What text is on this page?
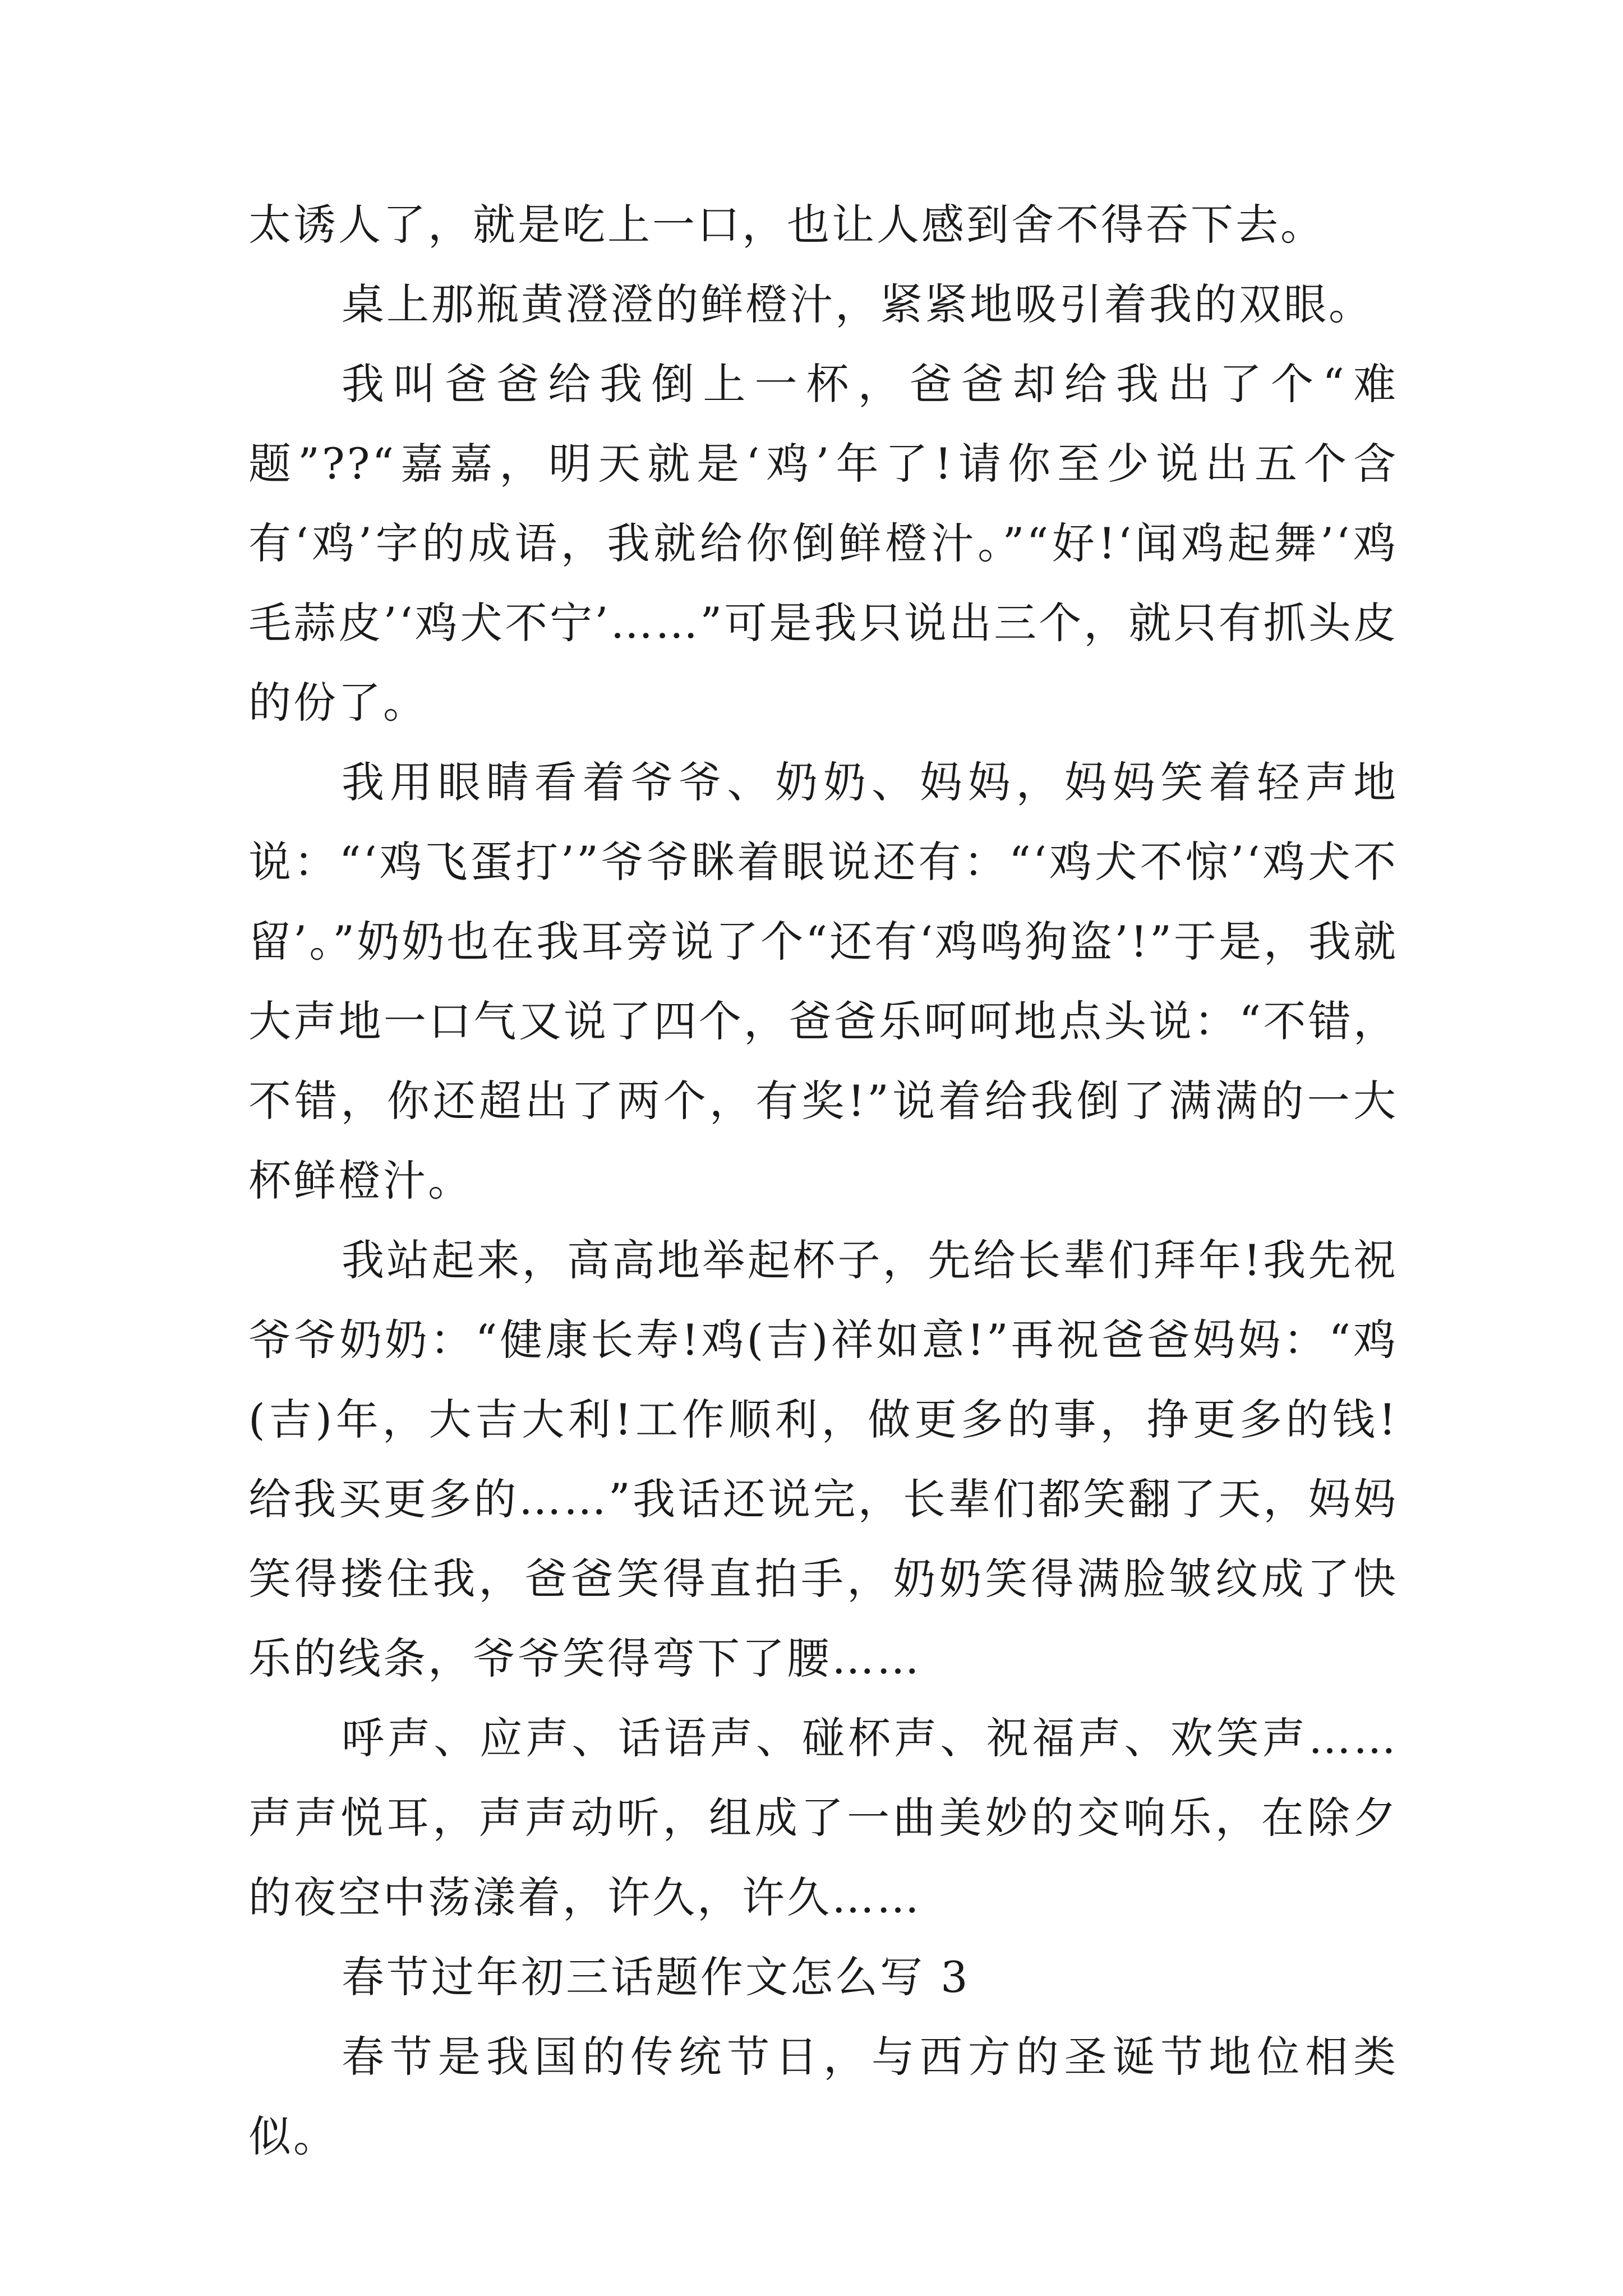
太诱人了，就是吃上一口，也让人感到舍不得吞下去。

桌上那瓶黄澄澄的鲜橙汁，紧紧地吸引着我的双眼。

我叫爸爸给我倒上一杯，爸爸却给我出了个“难题”??“嘉嘉，明天就是‘鸡’年了!请你至少说出五个含有‘鸡’字的成语，我就给你倒鲜橙汁。”“好!‘闻鸡起舞’‘鸡毛蒜皮’‘鸡犬不宁’……”可是我只说出三个，就只有抓头皮的份了。

我用眼睛看着爷爷、奶奶、妈妈，妈妈笑着轻声地说：“‘鸡飞蛋打’”爷爷眯着眼说还有：“‘鸡犬不惊’‘鸡犬不留’。”奶奶也在我耳旁说了个“还有‘鸡鸣狗盗’!”于是，我就大声地一口气又说了四个，爸爸乐呵呵地点头说：“不错，不错，你还超出了两个，有奖!”说着给我倒了满满的一大杯鲜橙汁。

我站起来，高高地举起杯子，先给长辈们拜年!我先祝爷爷奶奶：“健康长寿!鸡(吉)祥如意!”再祝爸爸妈妈：“鸡(吉)年，大吉大利!工作顺利，做更多的事，挣更多的钱!给我买更多的……”我话还说完，长辈们都笑翻了天，妈妈笑得搂住我，爸爸笑得直拍手，奶奶笑得满脸皱纹成了快乐的线条，爷爷笑得弯下了腰……

呼声、应声、话语声、碰杯声、祝福声、欢笑声……声声悦耳，声声动听，组成了一曲美妙的交响乐，在除夕的夜空中荡漾着，许久，许久……

春节过年初三话题作文怎么写 3

春节是我国的传统节日，与西方的圣诞节地位相类似。
